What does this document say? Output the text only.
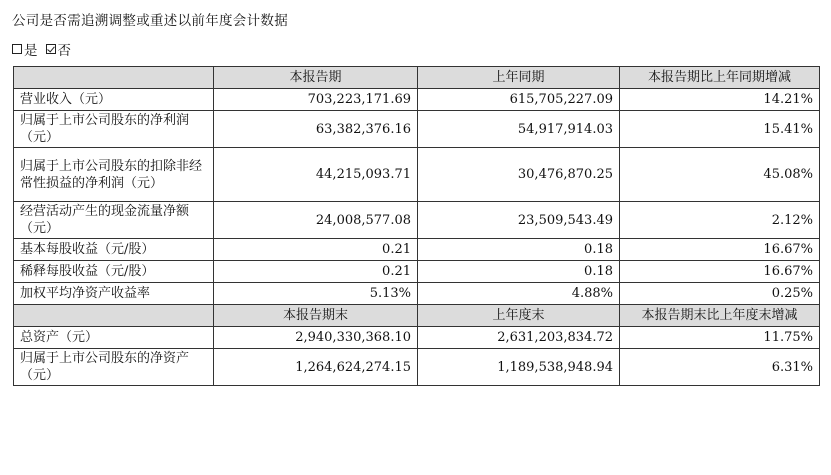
公司是否需追溯调整或重述以前年度会计数据
是 否
	本报告期	上年同期	本报告期比上年同期增减
营业收入（元）	703,223,171.69	615,705,227.09	14.21%
归属于上市公司股东的净利润（元）	63,382,376.16	54,917,914.03	15.41%
归属于上市公司股东的扣除非经常性损益的净利润（元）	44,215,093.71	30,476,870.25	45.08%
经营活动产生的现金流量净额（元）	24,008,577.08	23,509,543.49	2.12%
基本每股收益（元/股）	0.21	0.18	16.67%
稀释每股收益（元/股）	0.21	0.18	16.67%
加权平均净资产收益率	5.13%	4.88%	0.25%
	本报告期末	上年度末	本报告期末比上年度末增减
总资产（元）	2,940,330,368.10	2,631,203,834.72	11.75%
归属于上市公司股东的净资产（元）	1,264,624,274.15	1,189,538,948.94	6.31%
